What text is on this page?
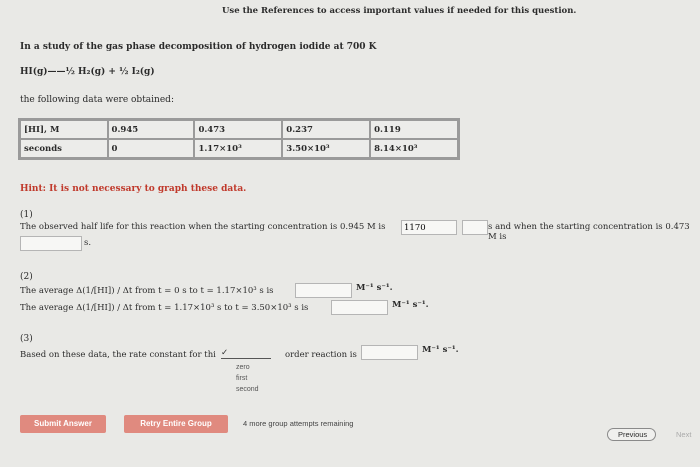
Use the References to access important values if needed for this question.
In a study of the gas phase decomposition of hydrogen iodide at 700 K
HI(g)——½ H₂(g) + ½ I₂(g)
the following data were obtained:
[HI], M	0.945	0.473	0.237	0.119
seconds	0	1.17×10³	3.50×10³	8.14×10³
Hint: It is not necessary to graph these data.
(1)
The observed half life for this reaction when the starting concentration is 0.945 M is
1170	s and when the starting concentration is 0.473 M is
s.
(2)
The average Δ(1/[HI]) / Δt from t = 0 s to t = 1.17×10³ s is	M⁻¹ s⁻¹.
The average Δ(1/[HI]) / Δt from t = 1.17×10³ s to t = 3.50×10³ s is	M⁻¹ s⁻¹.
(3)
Based on these data, the rate constant for thi ✓	order reaction is	M⁻¹ s⁻¹.
zero
first
second
Submit Answer	Retry Entire Group	4 more group attempts remaining
Previous	Next
